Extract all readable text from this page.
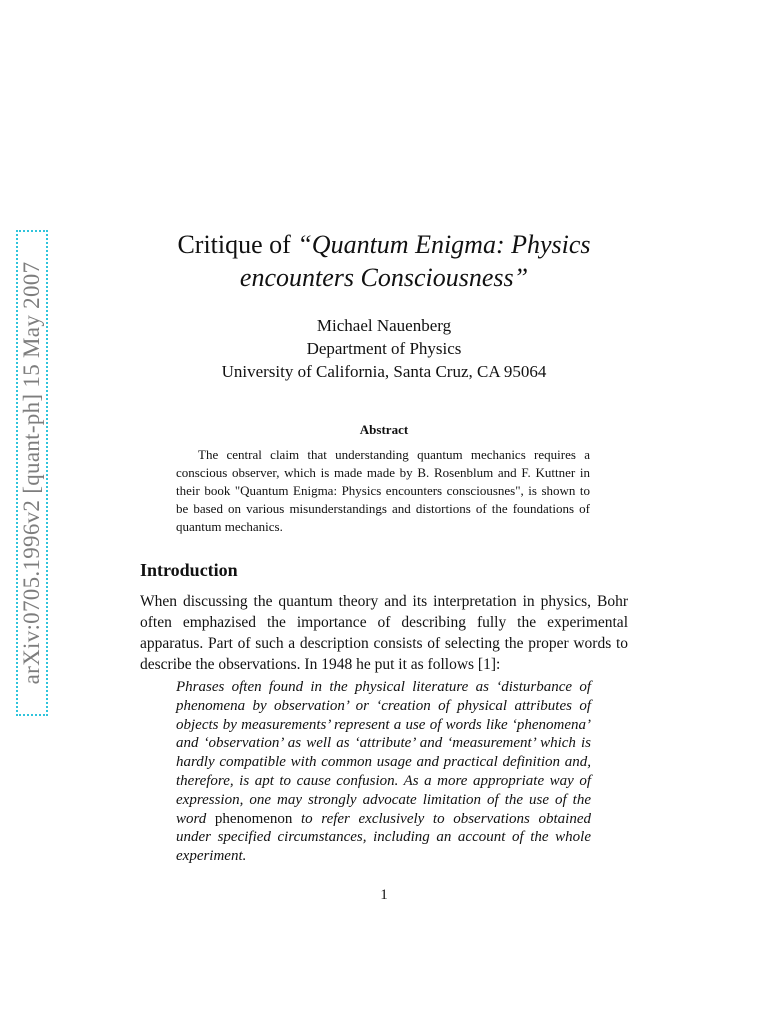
arXiv:0705.1996v2 [quant-ph] 15 May 2007
Critique of “Quantum Enigma: Physics
encounters Consciousness”
Michael Nauenberg
Department of Physics
University of California, Santa Cruz, CA 95064
Abstract

The central claim that understanding quantum mechanics requires a conscious observer, which is made made by B. Rosenblum and F. Kuttner in their book "Quantum Enigma: Physics encounters consciousnes", is shown to be based on various misunderstandings and distortions of the foundations of quantum mechanics.

Introduction

When discussing the quantum theory and its interpretation in physics, Bohr often emphazised the importance of describing fully the experimental apparatus. Part of such a description consists of selecting the proper words to describe the observations. In 1948 he put it as follows [1]:

Phrases often found in the physical literature as ‘disturbance of phenomena by observation’ or ‘creation of physical attributes of objects by measurements’ represent a use of words like ‘phenomena’ and ‘observation’ as well as ‘attribute’ and ‘measurement’ which is hardly compatible with common usage and practical definition and, therefore, is apt to cause confusion. As a more appropriate way of expression, one may strongly advocate limitation of the use of the word phenomenon to refer exclusively to observations obtained under specified circumstances, including an account of the whole experiment.

1
